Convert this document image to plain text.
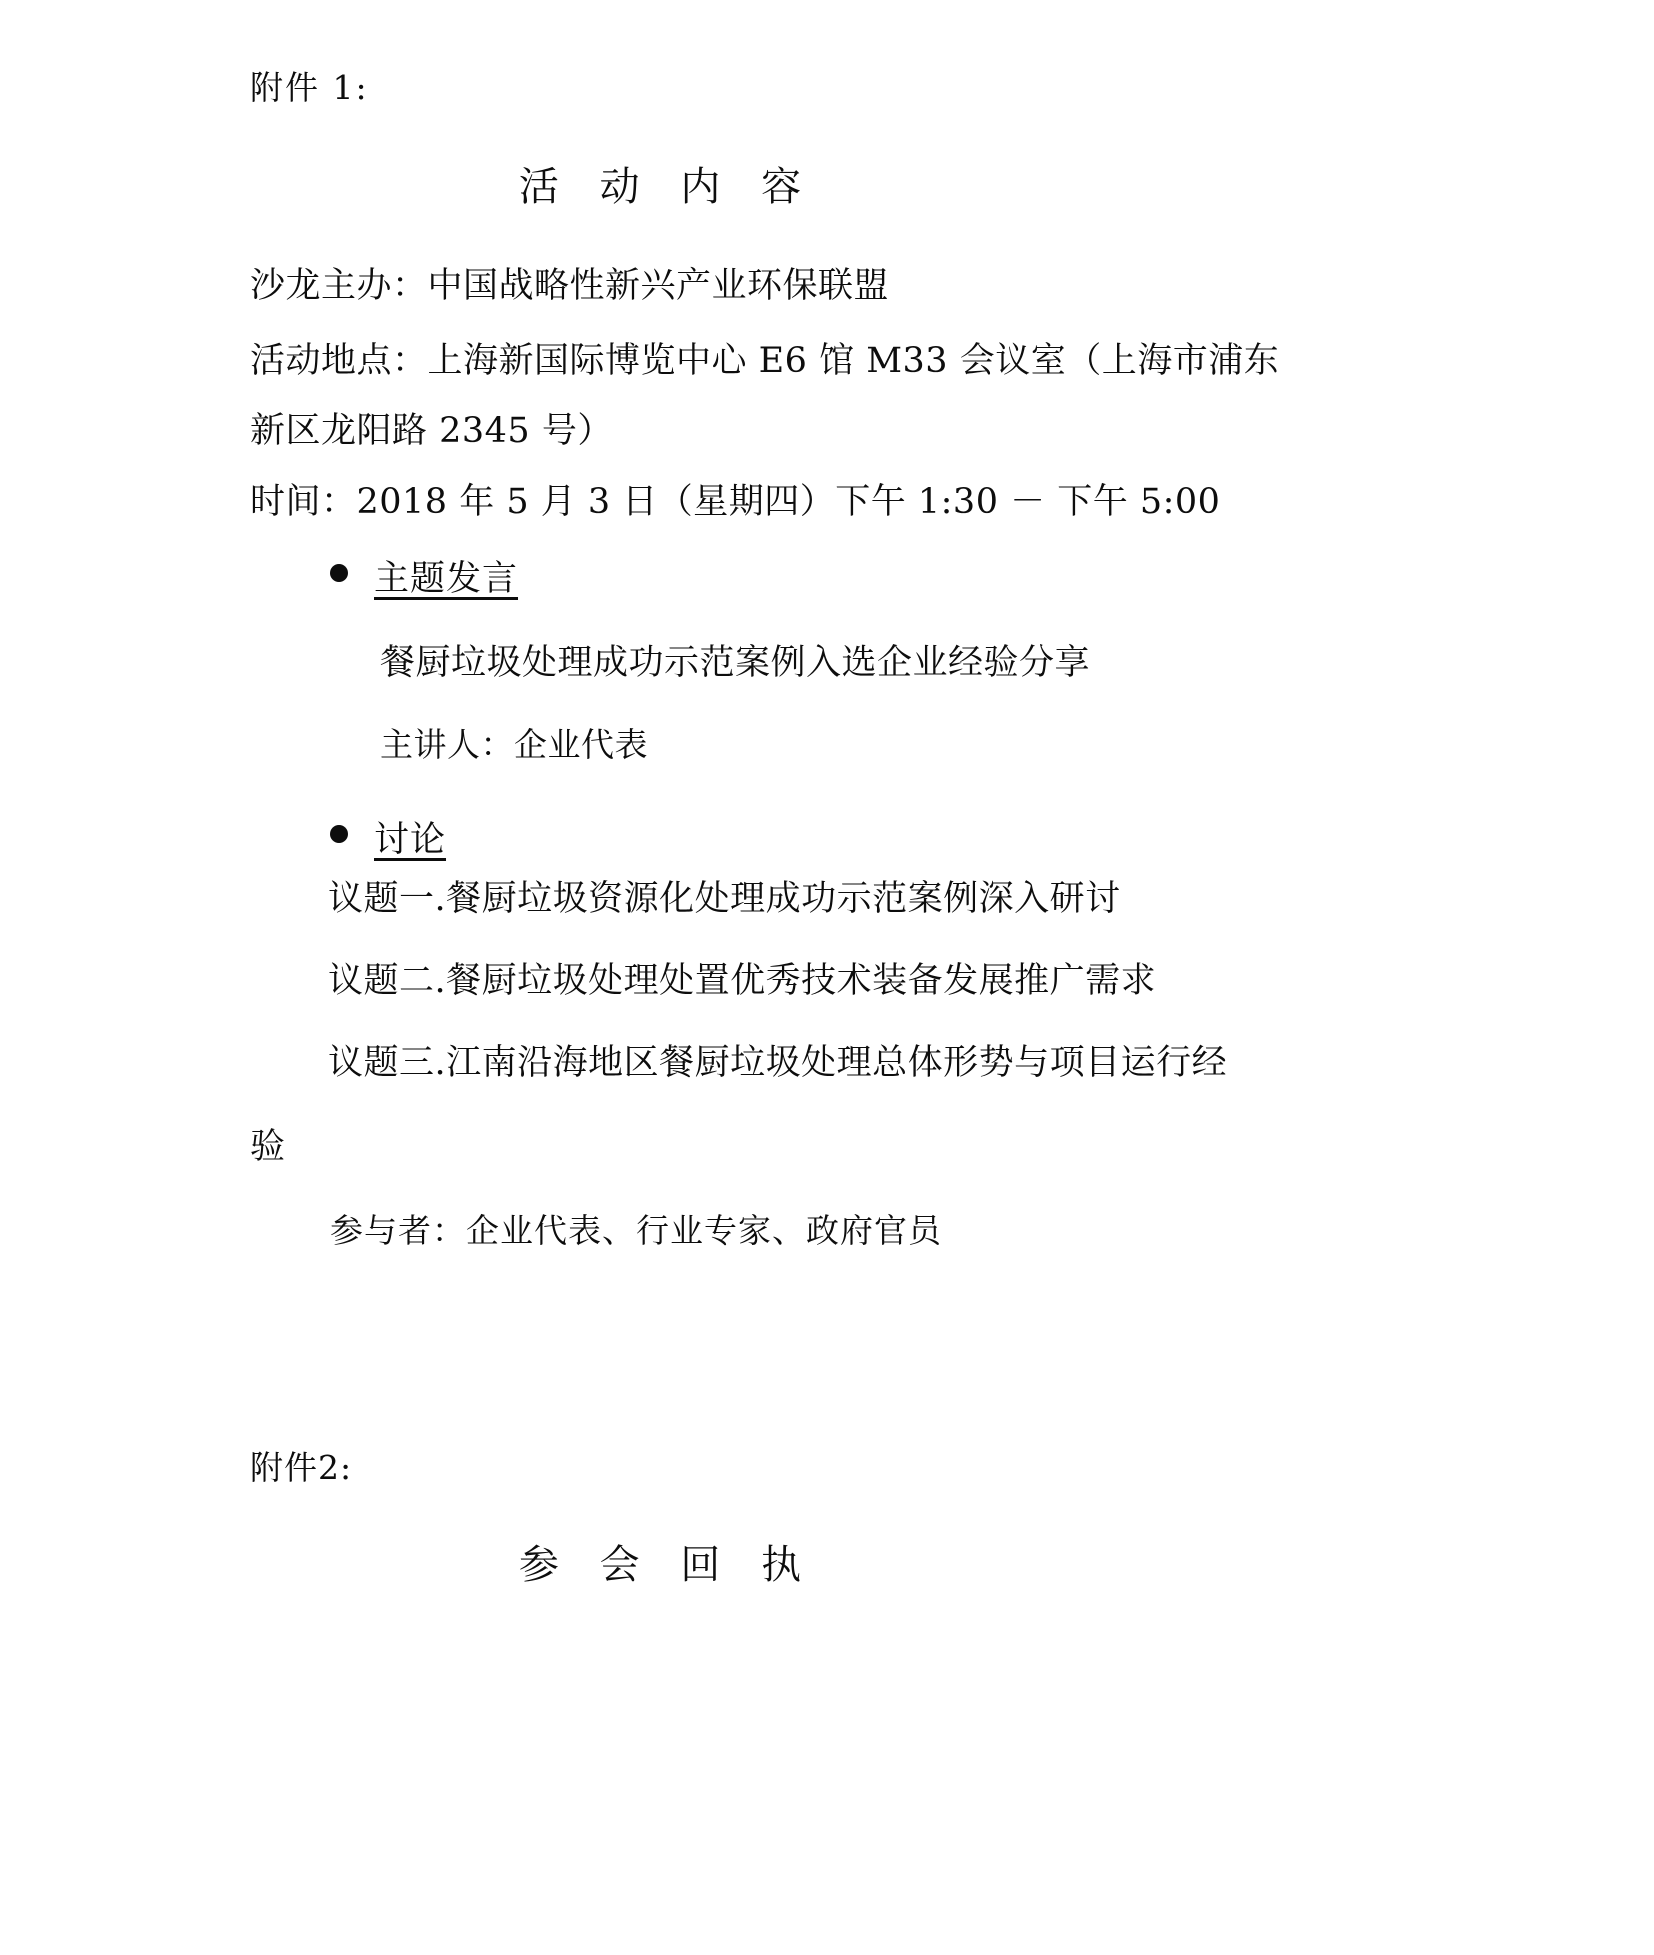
附件 1:
活 动 内 容

沙龙主办：中国战略性新兴产业环保联盟

活动地点：上海新国际博览中心 E6 馆 M33 会议室（上海市浦东

新区龙阳路 2345 号）

时间：2018 年 5 月 3 日（星期四）下午 1:30 － 下午 5:00

主题发言

餐厨垃圾处理成功示范案例入选企业经验分享

主讲人：企业代表

讨论

议题一.餐厨垃圾资源化处理成功示范案例深入研讨

议题二.餐厨垃圾处理处置优秀技术装备发展推广需求

议题三.江南沿海地区餐厨垃圾处理总体形势与项目运行经

验

参与者：企业代表、行业专家、政府官员

附件2:
参 会 回 执
